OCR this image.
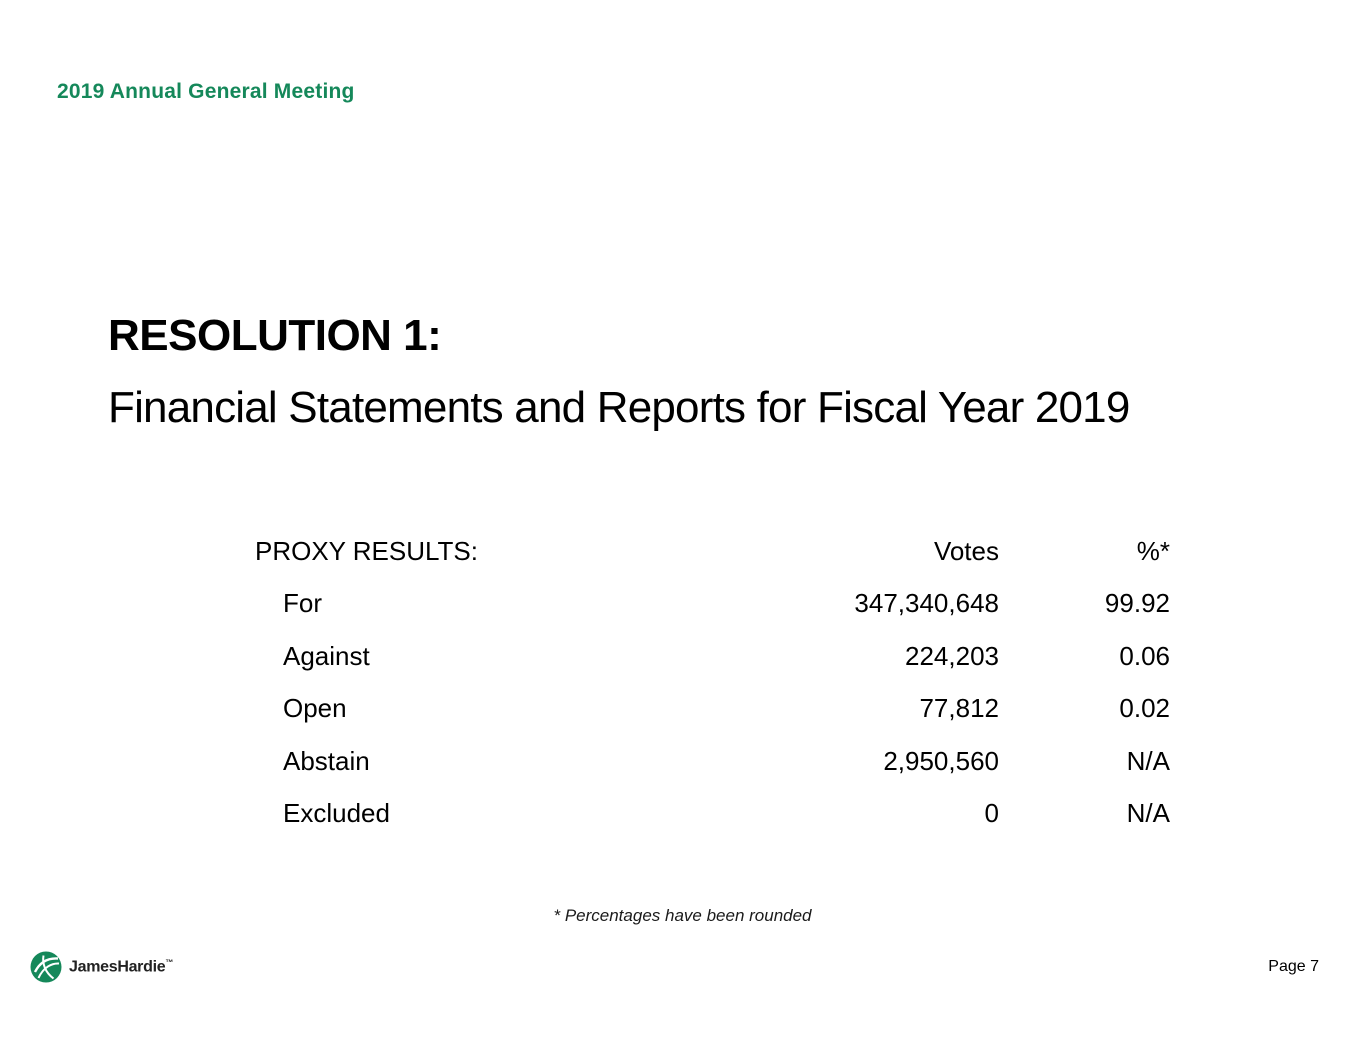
2019 Annual General Meeting
RESOLUTION 1:
Financial Statements and Reports for Fiscal Year 2019
PROXY RESULTS:	Votes	%*
For	347,340,648	99.92
Against	224,203	0.06
Open	77,812	0.02
Abstain	2,950,560	N/A
Excluded	0	N/A
* Percentages have been rounded
JamesHardie™	Page 7
